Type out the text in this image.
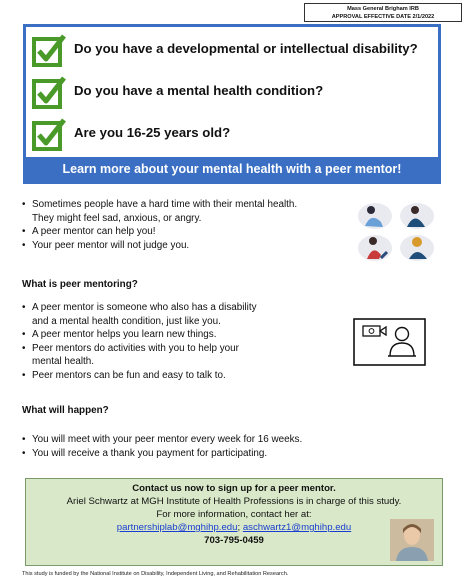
Mass General Brigham IRB
APPROVAL EFFECTIVE DATE 2/1/2022
Do you have a developmental or intellectual disability?
Do you have a mental health condition?
Are you 16-25 years old?
Learn more about your mental health with a peer mentor!
• Sometimes people have a hard time with their mental health.
They might feel sad, anxious, or angry.
• A peer mentor can help you!
• Your peer mentor will not judge you.
What is peer mentoring?
• A peer mentor is someone who also has a disability
and a mental health condition, just like you.
• A peer mentor helps you learn new things.
• Peer mentors do activities with you to help your
mental health.
• Peer mentors can be fun and easy to talk to.
What will happen?
• You will meet with your peer mentor every week for 16 weeks.
• You will receive a thank you payment for participating.
Contact us now to sign up for a peer mentor.
Ariel Schwartz at MGH Institute of Health Professions is in charge of this study.
For more information, contact her at:
partnershiplab@mghihp.edu; aschwartz1@mghihp.edu
703-795-0459
This study is funded by the National Institute on Disability, Independent Living, and Rehabilitation Research.
